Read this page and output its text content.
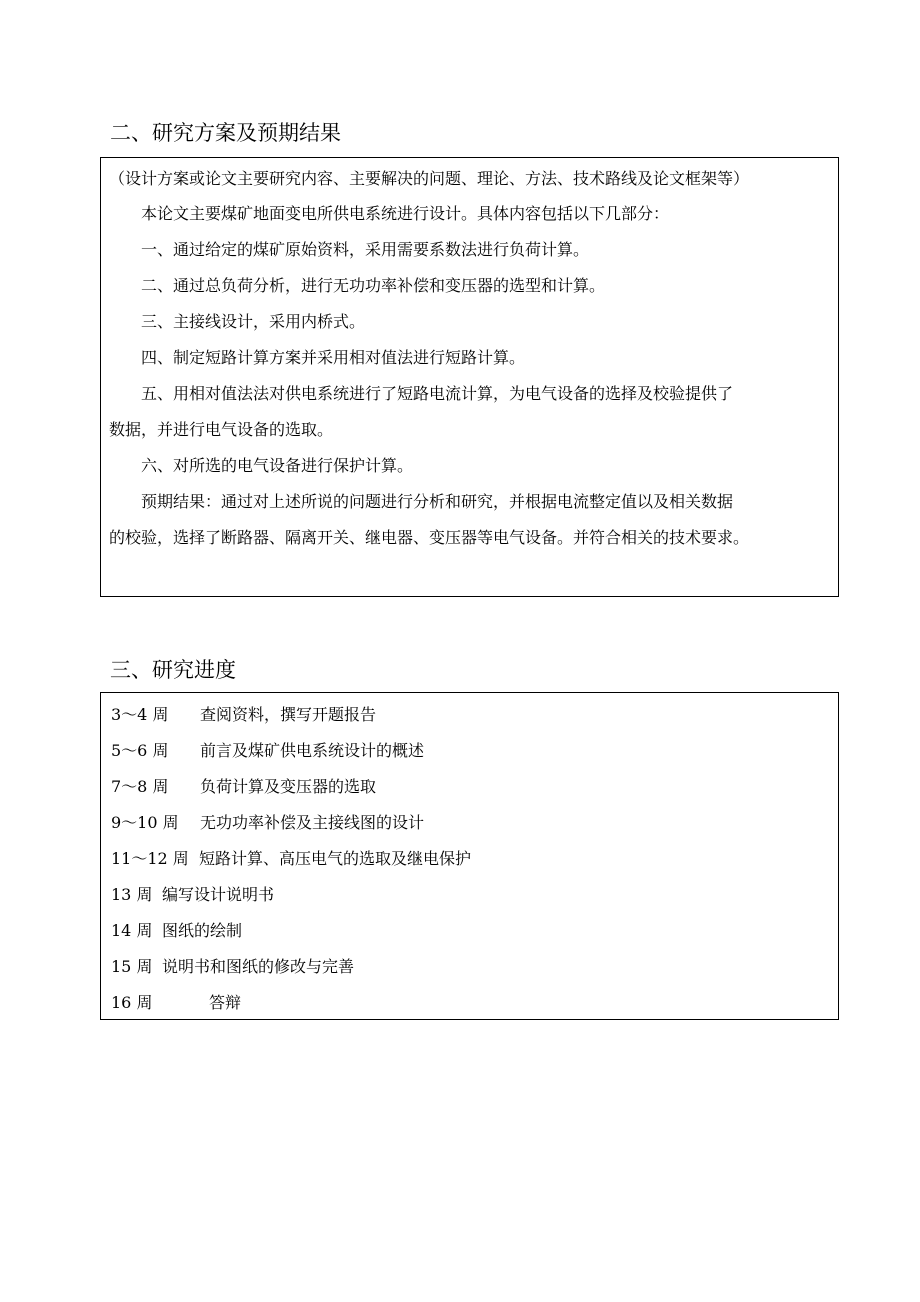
二、研究方案及预期结果

（设计方案或论文主要研究内容、主要解决的问题、理论、方法、技术路线及论文框架等）

本论文主要煤矿地面变电所供电系统进行设计。具体内容包括以下几部分：

一、通过给定的煤矿原始资料，采用需要系数法进行负荷计算。

二、通过总负荷分析，进行无功功率补偿和变压器的选型和计算。

三、主接线设计，采用内桥式。

四、制定短路计算方案并采用相对值法进行短路计算。

五、用相对值法法对供电系统进行了短路电流计算，为电气设备的选择及校验提供了

数据，并进行电气设备的选取。

六、对所选的电气设备进行保护计算。

预期结果：通过对上述所说的问题进行分析和研究，并根据电流整定值以及相关数据

的校验，选择了断路器、隔离开关、继电器、变压器等电气设备。并符合相关的技术要求。

三、研究进度
3～4 周	查阅资料，撰写开题报告
5～6 周	前言及煤矿供电系统设计的概述
7～8 周	负荷计算及变压器的选取
9～10 周	无功功率补偿及主接线图的设计
11～12 周 短路计算、高压电气的选取及继电保护
13 周 编写设计说明书
14 周 图纸的绘制
15 周 说明书和图纸的修改与完善
16 周	答辩
